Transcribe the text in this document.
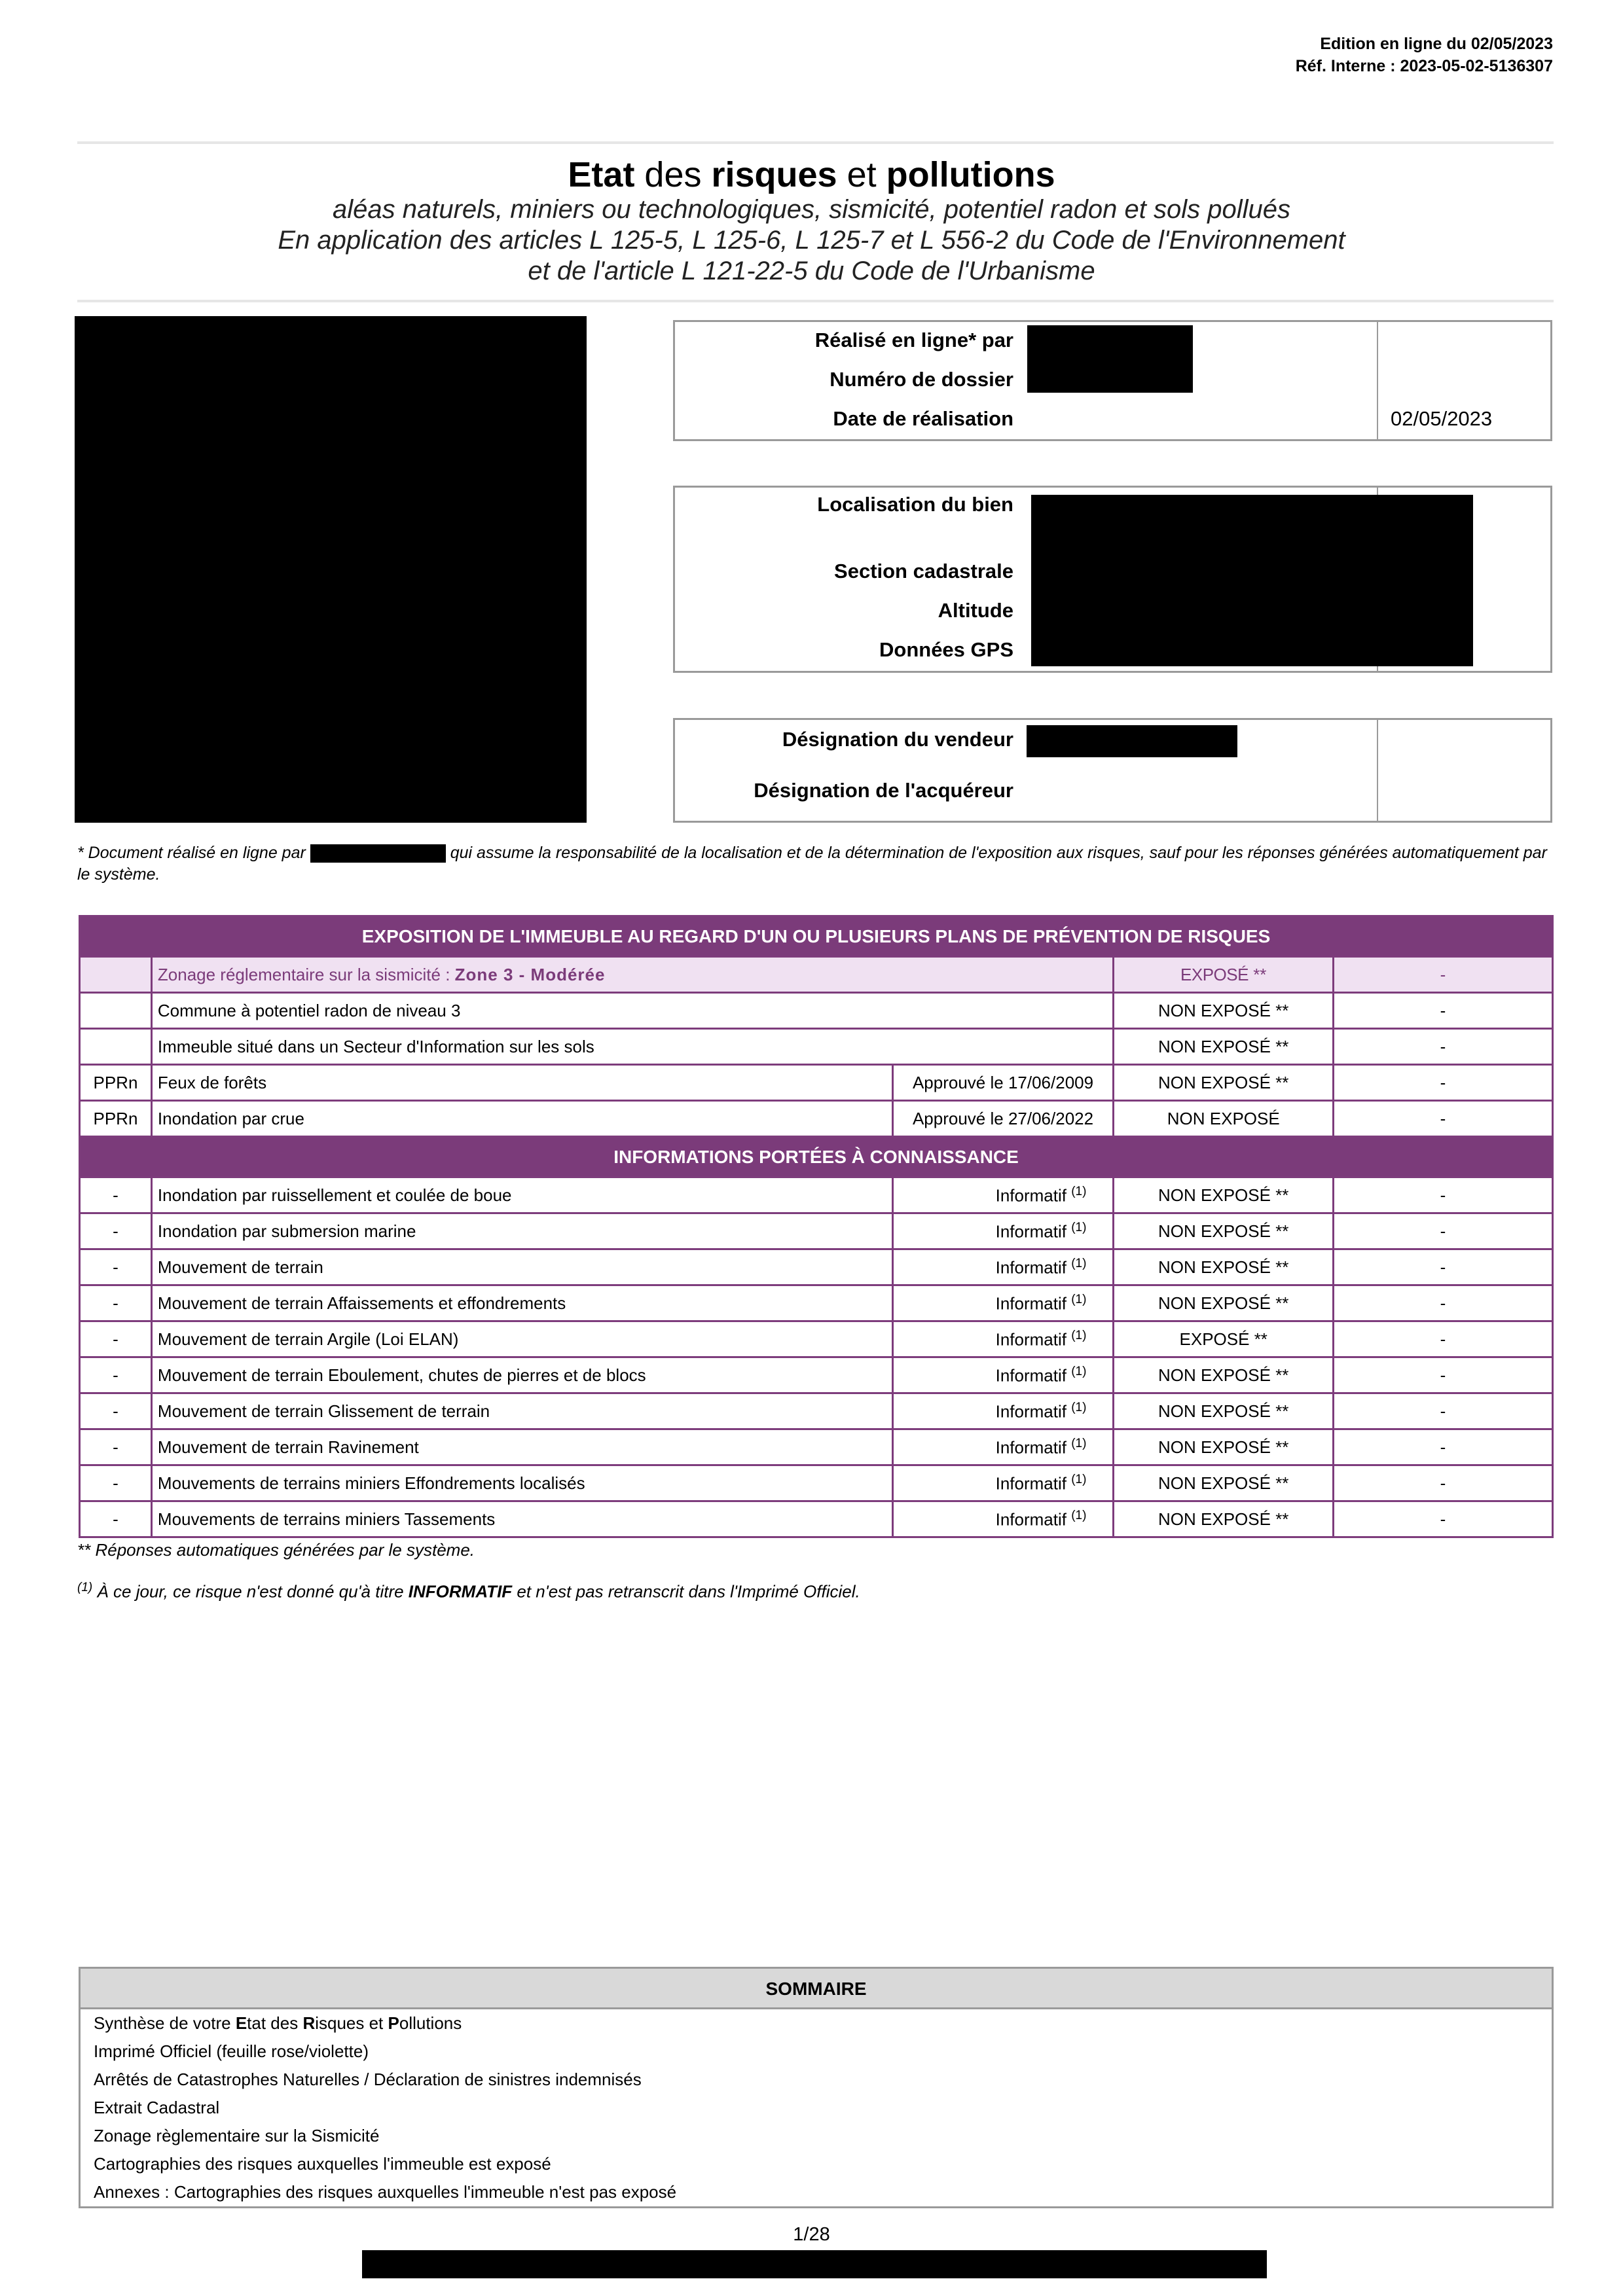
Edition en ligne du 02/05/2023
Réf. Interne : 2023-05-02-5136307
Etat des risques et pollutions
aléas naturels, miniers ou technologiques, sismicité, potentiel radon et sols pollués
En application des articles L 125-5, L 125-6, L 125-7 et L 556-2 du Code de l'Environnement
et de l'article L 121-22-5 du Code de l'Urbanisme
Réalisé en ligne* par
Numéro de dossier
Date de réalisation	02/05/2023
Localisation du bien
Section cadastrale
Altitude
Données GPS
Désignation du vendeur
Désignation de l'acquéreur
* Document réalisé en ligne par	qui assume la responsabilité de la localisation et de la détermination de l'exposition aux risques, sauf pour les réponses générées automatiquement par le système.
EXPOSITION DE L'IMMEUBLE AU REGARD D'UN OU PLUSIEURS PLANS DE PRÉVENTION DE RISQUES				
	Zonage réglementaire sur la sismicité : Zone 3 - Modérée		EXPOSÉ **	-
	Commune à potentiel radon de niveau 3		NON EXPOSÉ **	-
	Immeuble situé dans un Secteur d'Information sur les sols		NON EXPOSÉ **	-
PPRn	Feux de forêts	Approuvé le 17/06/2009	NON EXPOSÉ **	-
PPRn	Inondation par crue	Approuvé le 27/06/2022	NON EXPOSÉ	-
INFORMATIONS PORTÉES À CONNAISSANCE				
-	Inondation par ruissellement et coulée de boue	Informatif $^{(1)}$	NON EXPOSÉ **	-
-	Inondation par submersion marine	Informatif $^{(1)}$	NON EXPOSÉ **	-
-	Mouvement de terrain	Informatif $^{(1)}$	NON EXPOSÉ **	-
-	Mouvement de terrain Affaissements et effondrements	Informatif $^{(1)}$	NON EXPOSÉ **	-
-	Mouvement de terrain Argile (Loi ELAN)	Informatif $^{(1)}$	EXPOSÉ **	-
-	Mouvement de terrain Eboulement, chutes de pierres et de blocs	Informatif $^{(1)}$	NON EXPOSÉ **	-
-	Mouvement de terrain Glissement de terrain	Informatif $^{(1)}$	NON EXPOSÉ **	-
-	Mouvement de terrain Ravinement	Informatif $^{(1)}$	NON EXPOSÉ **	-
-	Mouvements de terrains miniers Effondrements localisés	Informatif $^{(1)}$	NON EXPOSÉ **	-
-	Mouvements de terrains miniers Tassements	Informatif $^{(1)}$	NON EXPOSÉ **	-
** Réponses automatiques générées par le système.
$^{(1)}$ À ce jour, ce risque n'est donné qu'à titre INFORMATIF et n'est pas retranscrit dans l'Imprimé Officiel.
SOMMAIRE
Synthèse de votre Etat des Risques et Pollutions
Imprimé Officiel (feuille rose/violette)
Arrêtés de Catastrophes Naturelles / Déclaration de sinistres indemnisés
Extrait Cadastral
Zonage règlementaire sur la Sismicité
Cartographies des risques auxquelles l'immeuble est exposé
Annexes : Cartographies des risques auxquelles l'immeuble n'est pas exposé
1/28
